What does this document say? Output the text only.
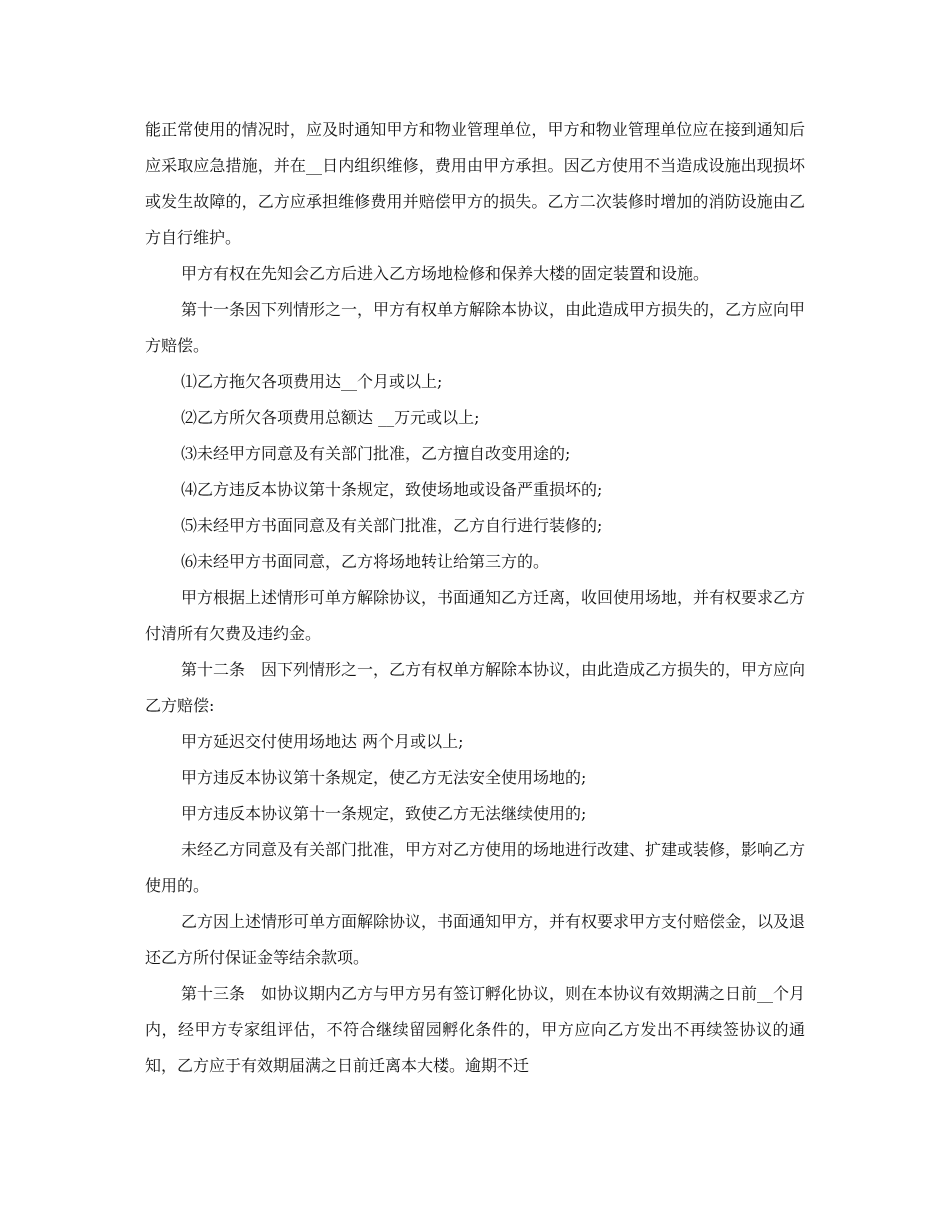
能正常使用的情况时，应及时通知甲方和物业管理单位，甲方和物业管理单位应在接到通知后应采取应急措施，并在__日内组织维修，费用由甲方承担。因乙方使用不当造成设施出现损坏或发生故障的，乙方应承担维修费用并赔偿甲方的损失。乙方二次装修时增加的消防设施由乙方自行维护。

甲方有权在先知会乙方后进入乙方场地检修和保养大楼的固定装置和设施。

第十一条因下列情形之一，甲方有权单方解除本协议，由此造成甲方损失的，乙方应向甲方赔偿。

⑴乙方拖欠各项费用达__个月或以上;

⑵乙方所欠各项费用总额达 __万元或以上;

⑶未经甲方同意及有关部门批准，乙方擅自改变用途的;

⑷乙方违反本协议第十条规定，致使场地或设备严重损坏的;

⑸未经甲方书面同意及有关部门批准，乙方自行进行装修的;

⑹未经甲方书面同意，乙方将场地转让给第三方的。

甲方根据上述情形可单方解除协议，书面通知乙方迁离，收回使用场地，并有权要求乙方付清所有欠费及违约金。

第十二条　因下列情形之一，乙方有权单方解除本协议，由此造成乙方损失的，甲方应向乙方赔偿:

甲方延迟交付使用场地达 两个月或以上;

甲方违反本协议第十条规定，使乙方无法安全使用场地的;

甲方违反本协议第十一条规定，致使乙方无法继续使用的;

未经乙方同意及有关部门批准，甲方对乙方使用的场地进行改建、扩建或装修，影响乙方使用的。

乙方因上述情形可单方面解除协议，书面通知甲方，并有权要求甲方支付赔偿金，以及退还乙方所付保证金等结余款项。

第十三条　如协议期内乙方与甲方另有签订孵化协议，则在本协议有效期满之日前__个月内，经甲方专家组评估，不符合继续留园孵化条件的，甲方应向乙方发出不再续签协议的通知，乙方应于有效期届满之日前迁离本大楼。逾期不迁
